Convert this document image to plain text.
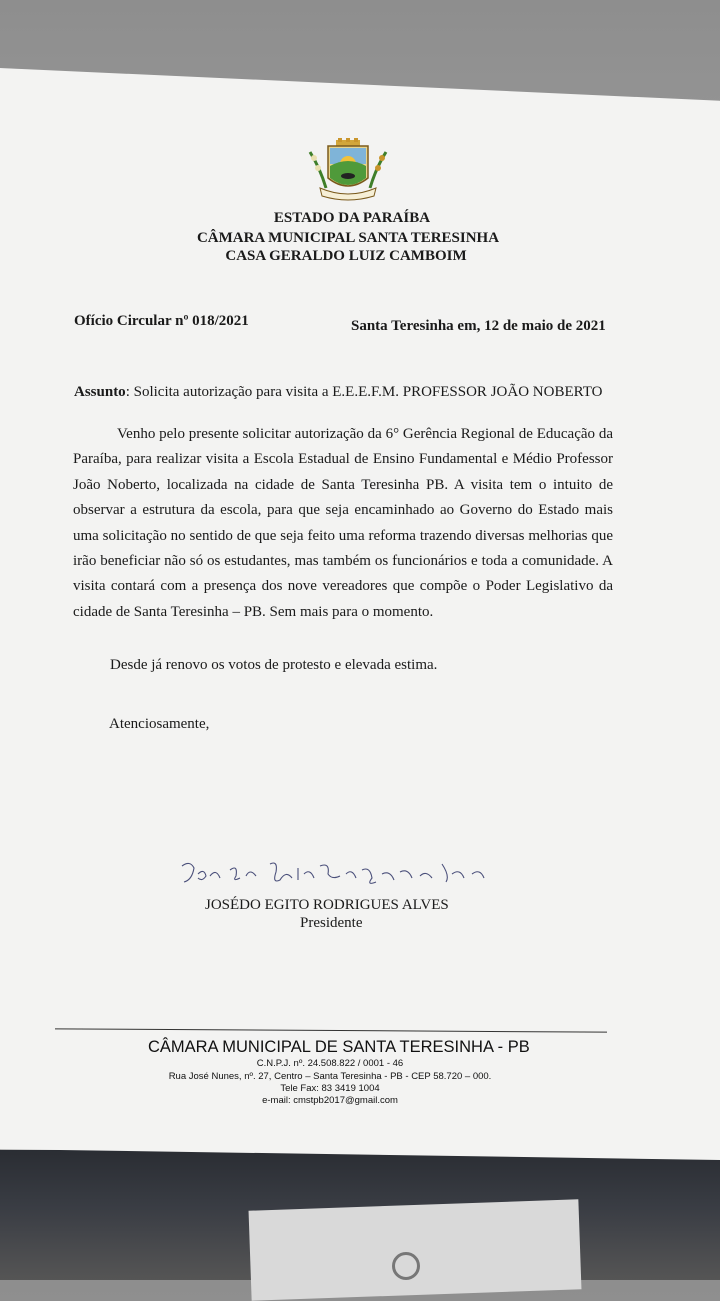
ESTADO DA PARAÍBA
CÂMARA MUNICIPAL SANTA TERESINHA
CASA GERALDO LUIZ CAMBOIM
Ofício Circular nº 018/2021	Santa Teresinha em, 12 de maio de 2021
Assunto: Solicita autorização para visita a E.E.E.F.M. PROFESSOR JOÃO NOBERTO
Venho pelo presente solicitar autorização da 6° Gerência Regional de Educação da Paraíba, para realizar visita a Escola Estadual de Ensino Fundamental e Médio Professor João Noberto, localizada na cidade de Santa Teresinha PB. A visita tem o intuito de observar a estrutura da escola, para que seja encaminhado ao Governo do Estado mais uma solicitação no sentido de que seja feito uma reforma trazendo diversas melhorias que irão beneficiar não só os estudantes, mas também os funcionários e toda a comunidade. A visita contará com a presença dos nove vereadores que compõe o Poder Legislativo da cidade de Santa Teresinha – PB. Sem mais para o momento.
Desde já renovo os votos de protesto e elevada estima.
Atenciosamente,
JOSÉDO EGITO RODRIGUES ALVES
Presidente
CÂMARA MUNICIPAL DE SANTA TERESINHA - PB
C.N.P.J. nº. 24.508.822 / 0001 - 46
Rua José Nunes, nº. 27, Centro – Santa Teresinha - PB - CEP 58.720 – 000.
Tele Fax: 83 3419 1004
e-mail: cmstpb2017@gmail.com
